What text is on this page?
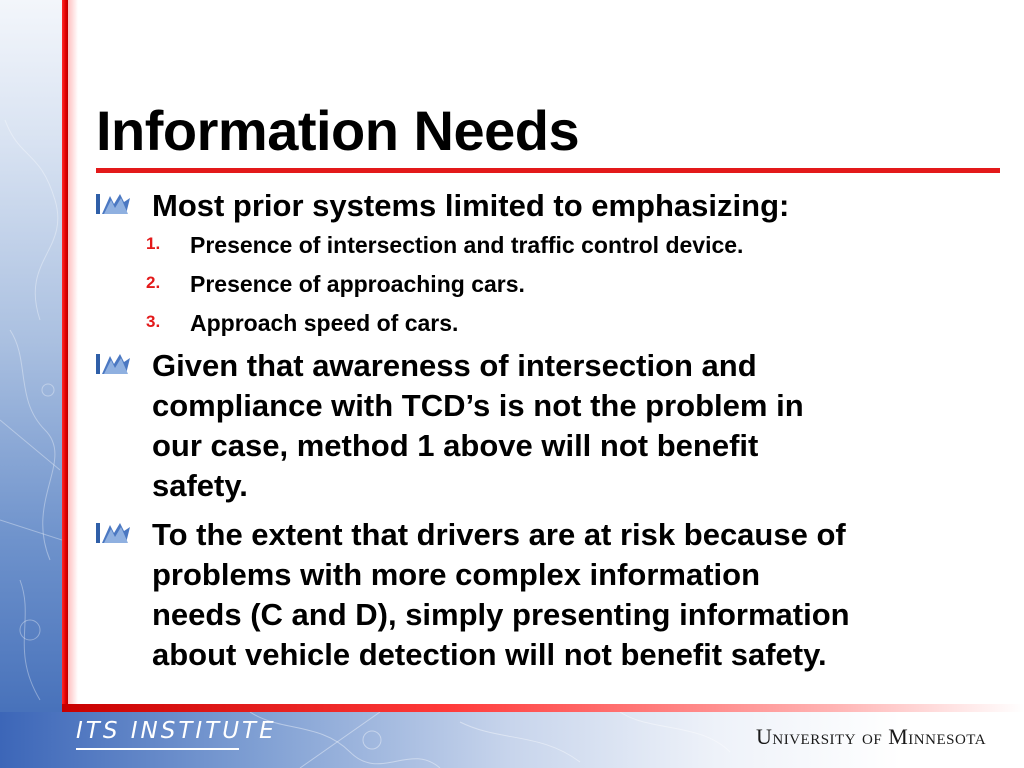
Information Needs
Most prior systems limited to emphasizing:
1. Presence of intersection and traffic control device.
2. Presence of approaching cars.
3. Approach speed of cars.
Given that awareness of intersection and
compliance with TCD’s is not the problem in
our case, method 1 above will not benefit
safety.
To the extent that drivers are at risk because of
problems with more complex information
needs (C and D), simply presenting information
about vehicle detection will not benefit safety.
ITS INSTITUTE	University of Minnesota
